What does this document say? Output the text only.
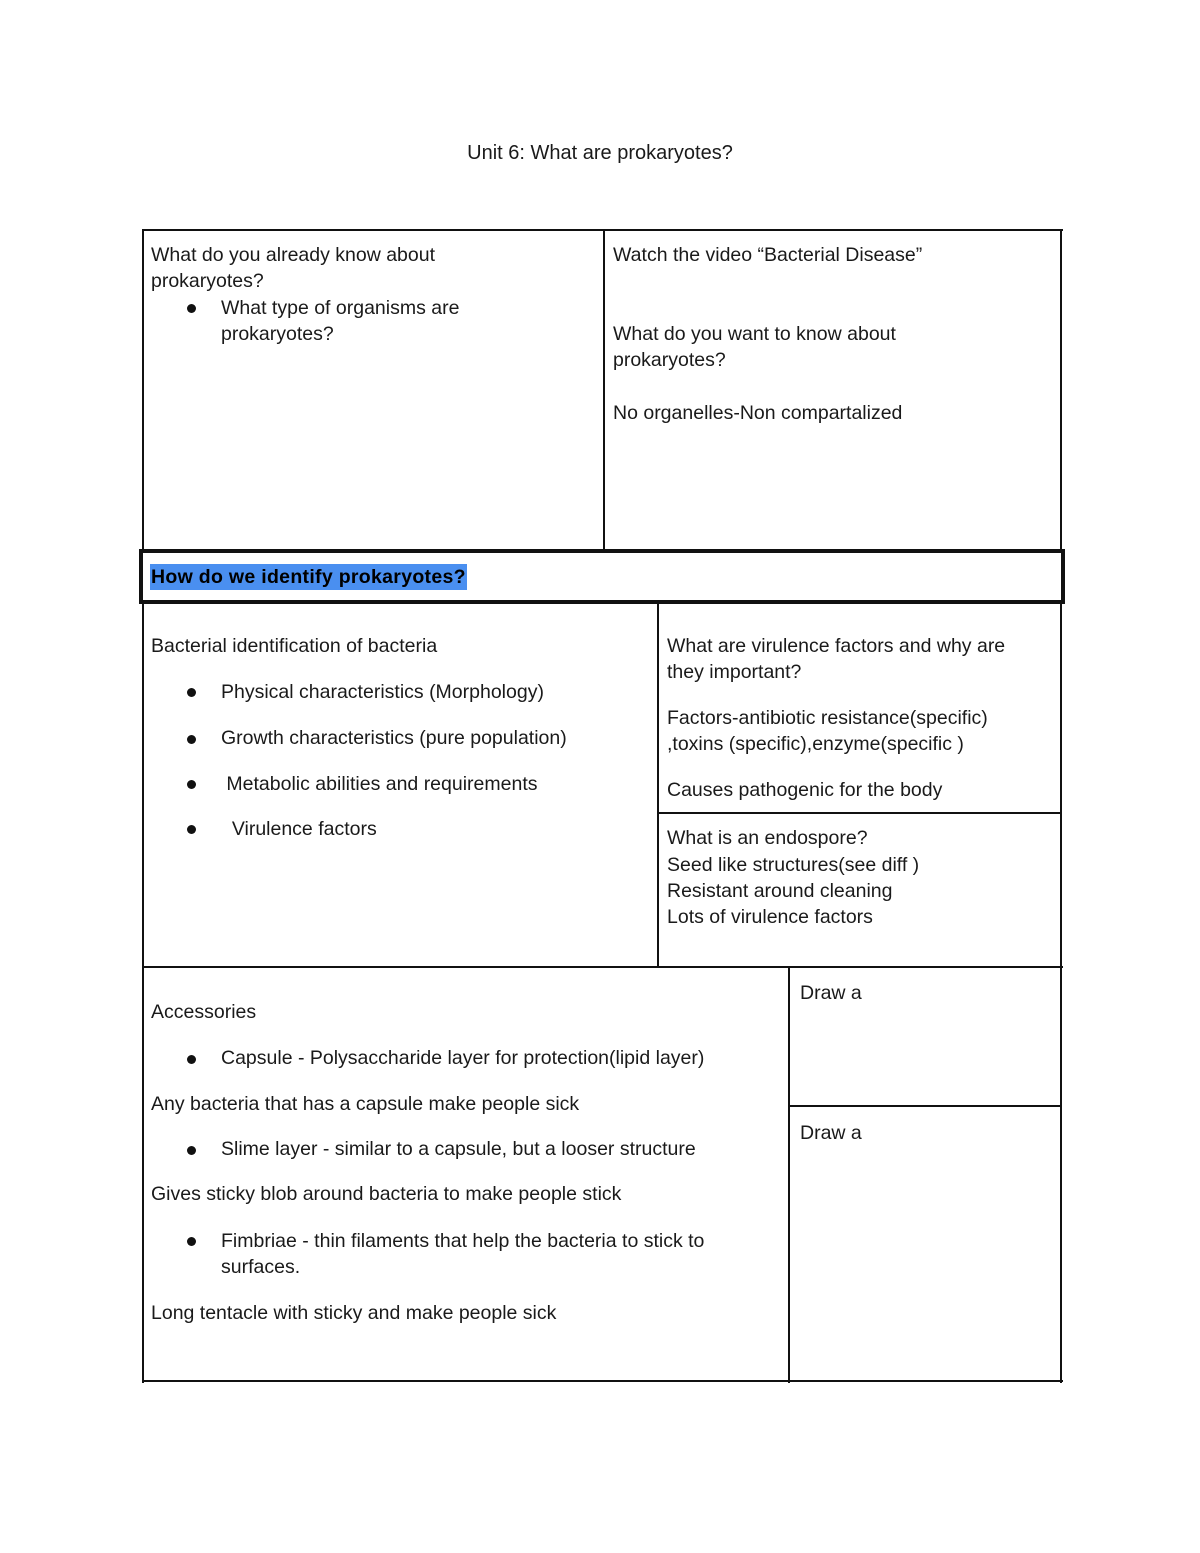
Unit 6: What are prokaryotes?
What do you already know about
prokaryotes?
What type of organisms are
prokaryotes?
Watch the video “Bacterial Disease”
What do you want to know about
prokaryotes?
No organelles-Non compartalized
How do we identify prokaryotes?
Bacterial identification of bacteria
Physical characteristics (Morphology)
Growth characteristics (pure population)
Metabolic abilities and requirements
Virulence factors
What are virulence factors and why are
they important?
Factors-antibiotic resistance(specific)
,toxins (specific),enzyme(specific )
Causes pathogenic for the body
What is an endospore?
Seed like structures(see diff )
Resistant around cleaning
Lots of virulence factors
Accessories
Capsule - Polysaccharide layer for protection(lipid layer)
Any bacteria that has a capsule make people sick
Slime layer - similar to a capsule, but a looser structure
Gives sticky blob around bacteria to make people stick
Fimbriae - thin filaments that help the bacteria to stick to
surfaces.
Long tentacle with sticky and make people sick
Draw a
Draw a
